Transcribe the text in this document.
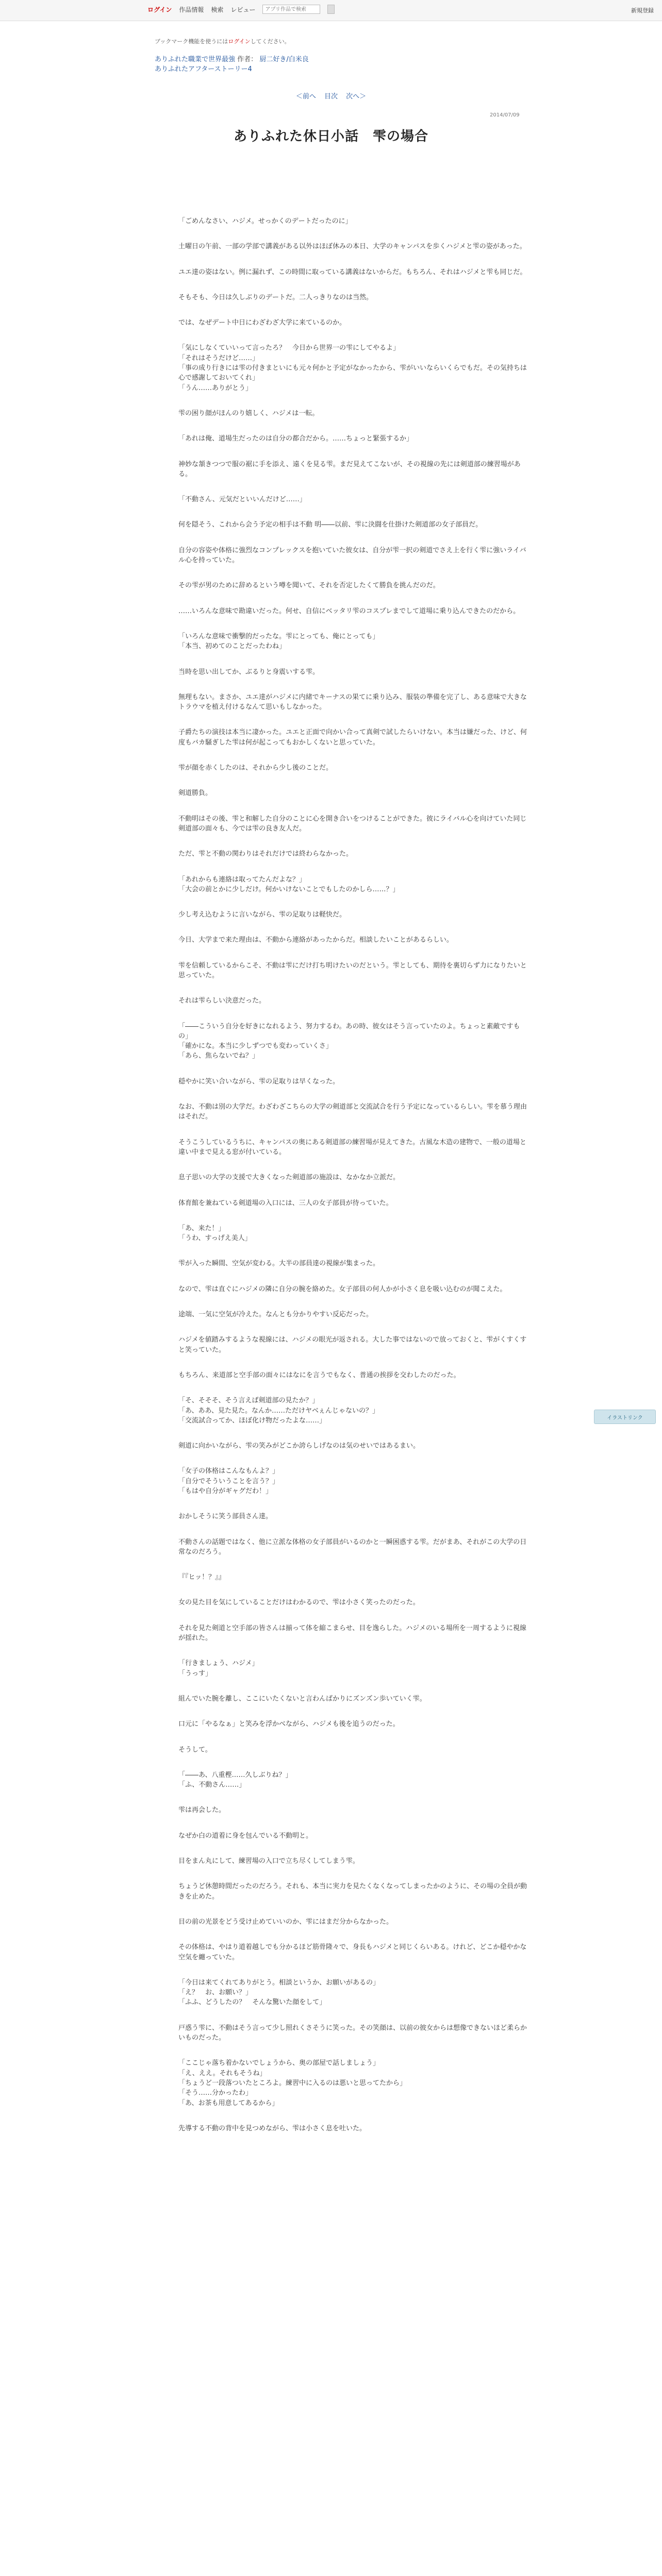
ログイン 作品情報 検索 レビュー
アプリ作品で検索	新規登録
ブックマーク機能を使うにはログインしてください。
ありふれた職業で世界最強 作者： 厨二好き/白米良
ありふれたアフターストーリー4
＜前へ 目次 次へ＞
2014/07/09
ありふれた休日小話　雫の場合

「ごめんなさい、ハジメ。せっかくのデートだったのに」

土曜日の午前、一部の学部で講義がある以外はほぼ休みの本日、大学のキャンパスを歩くハジメと雫の姿があった。

ユエ達の姿はない。例に漏れず、この時間に取っている講義はないからだ。もちろん、それはハジメと雫も同じだ。

そもそも、今日は久しぶりのデートだ。二人っきりなのは当然。

では、なぜデート中日にわざわざ大学に来ているのか。

「気にしなくていいって言ったろ？　今日から世界一の雫にしてやるよ」
「それはそうだけど……」
「事の成り行きには雫の付きまといにも元々何かと予定がなかったから、雫がいいならいくらでもだ。その気持ちは心で感謝しておいてくれ」
「うん……ありがとう」

雫の困り顔がほんのり嬉しく、ハジメは一転。

「あれは俺、道場生だったのは自分の都合だから。……ちょっと緊張するか」

神妙な頷きつつで服の裾に手を添え、遠くを見る雫。まだ見えてこないが、その視線の先には剣道部の練習場がある。

「不動さん、元気だといいんだけど……」

何を隠そう、これから会う予定の相手は不動 明――以前、雫に決闘を仕掛けた剣道部の女子部員だ。

自分の容姿や体格に強烈なコンプレックスを抱いていた彼女は、自分が雫一択の剣道でさえ上を行く雫に強いライバル心を持っていた。

その雫が男のために辞めるという噂を聞いて、それを否定したくて勝負を挑んだのだ。

……いろんな意味で勘違いだった。何せ、自信にベッタリ雫のコスプレまでして道場に乗り込んできたのだから。

「いろんな意味で衝撃的だったな。雫にとっても、俺にとっても」
「本当、初めてのことだったわね」

当時を思い出してか、ぶるりと身震いする雫。

無理もない。まさか、ユエ達がハジメに内緒でキーナスの果てに乗り込み、服装の準備を完了し、ある意味で大きなトラウマを植え付けるなんて思いもしなかった。

子爵たちの演技は本当に凄かった。ユエと正面で向かい合って真剣で試したらいけない。本当は嫌だった、けど、何度もバカ騒ぎした雫は何が起こってもおかしくないと思っていた。

雫が顔を赤くしたのは、それから少し後のことだ。

剣道勝負。

不動明はその後、雫と和解した自分のことに心を開き合いをつけることができた。彼にライバル心を向けていた同じ剣道部の面々も、今では雫の良き友人だ。

ただ、雫と不動の関わりはそれだけでは終わらなかった。

「あれからも連絡は取ってたんだよな？」
「大会の前とかに少しだけ。何かいけないことでもしたのかしら……？」

少し考え込むように言いながら、雫の足取りは軽快だ。

今日、大学まで来た理由は、不動から連絡があったからだ。相談したいことがあるらしい。

雫を信頼しているからこそ、不動は雫にだけ打ち明けたいのだという。雫としても、期待を裏切らず力になりたいと思っていた。

それは雫らしい決意だった。

「――こういう自分を好きになれるよう、努力するわ。あの時、彼女はそう言っていたのよ。ちょっと素敵ですもの」
「確かにな。本当に少しずつでも変わっていくさ」
「あら、焦らないでね？」

穏やかに笑い合いながら、雫の足取りは早くなった。

なお、不動は別の大学だ。わざわざこちらの大学の剣道部と交流試合を行う予定になっているらしい。雫を慕う理由はそれだ。

そうこうしているうちに、キャンパスの奥にある剣道部の練習場が見えてきた。古風な木造の建物で、一般の道場と違い中まで見える窓が付いている。

息子思いの大学の支援で大きくなった剣道部の施設は、なかなか立派だ。

体育館を兼ねている剣道場の入口には、三人の女子部員が待っていた。

「あ、来た！」
「うわ、すっげえ美人」

雫が入った瞬間、空気が変わる。大半の部員達の視線が集まった。

なので、雫は直ぐにハジメの隣に自分の腕を絡めた。女子部員の何人かが小さく息を吸い込むのが聞こえた。

途端、一気に空気が冷えた。なんとも分かりやすい反応だった。

ハジメを値踏みするような視線には、ハジメの眼光が返される。大した事ではないので放っておくと、雫がくすくすと笑っていた。

もちろん、来道部と空手部の面々にはなにを言うでもなく、普通の挨拶を交わしたのだった。

「そ、そそそ、そう言えば剣道部の見たか？」
「あ、ああ、見た見た。なんか……ただけヤベぇんじゃないの？」
「交流試合ってか、ほぼ化け物だったよな……」

剣道に向かいながら、雫の笑みがどこか誇らしげなのは気のせいではあるまい。

「女子の体格はこんなもんよ？」
「自分でそういうことを言う？」
「もはや自分がギャグだわ！」

おかしそうに笑う部員さん達。

不動さんの話題ではなく、他に立派な体格の女子部員がいるのかと一瞬困惑する雫。だがまあ、それがこの大学の日常なのだろう。

『『ヒッ！？』』

女の見た目を気にしていることだけはわかるので、雫は小さく笑ったのだった。

それを見た剣道と空手部の皆さんは揃って体を縮こまらせ、目を逸らした。ハジメのいる場所を一周するように視線が揺れた。

「行きましょう、ハジメ」
「うっす」

組んでいた腕を離し、ここにいたくないと言わんばかりにズンズン歩いていく雫。

口元に「やるなぁ」と笑みを浮かべながら、ハジメも後を追うのだった。

そうして。

「――あ、八重樫……久しぶりね？」
「ふ、不動さん……」

雫は再会した。

なぜか白の道着に身を包んでいる不動明と。

目をまん丸にして、練習場の入口で立ち尽くしてしまう雫。

ちょうど休憩時間だったのだろう。それも、本当に実力を見たくなくなってしまったかのように、その場の全員が動きを止めた。

目の前の光景をどう受け止めていいのか、雫にはまだ分からなかった。

その体格は、やはり道着越しでも分かるほど筋骨隆々で、身長もハジメと同じくらいある。けれど、どこか穏やかな空気を纏っていた。

「今日は来てくれてありがとう。相談というか、お願いがあるの」
「え？　お、お願い？」
「ふふ、どうしたの？　そんな驚いた顔をして」

戸惑う雫に、不動はそう言って少し照れくさそうに笑った。その笑顔は、以前の彼女からは想像できないほど柔らかいものだった。

「ここじゃ落ち着かないでしょうから、奥の部屋で話しましょう」
「え、ええ。それもそうね」
「ちょうど一段落ついたところよ。練習中に入るのは悪いと思ってたから」
「そう……分かったわ」
「あ、お茶も用意してあるから」

先導する不動の背中を見つめながら、雫は小さく息を吐いた。

イラストリンク
